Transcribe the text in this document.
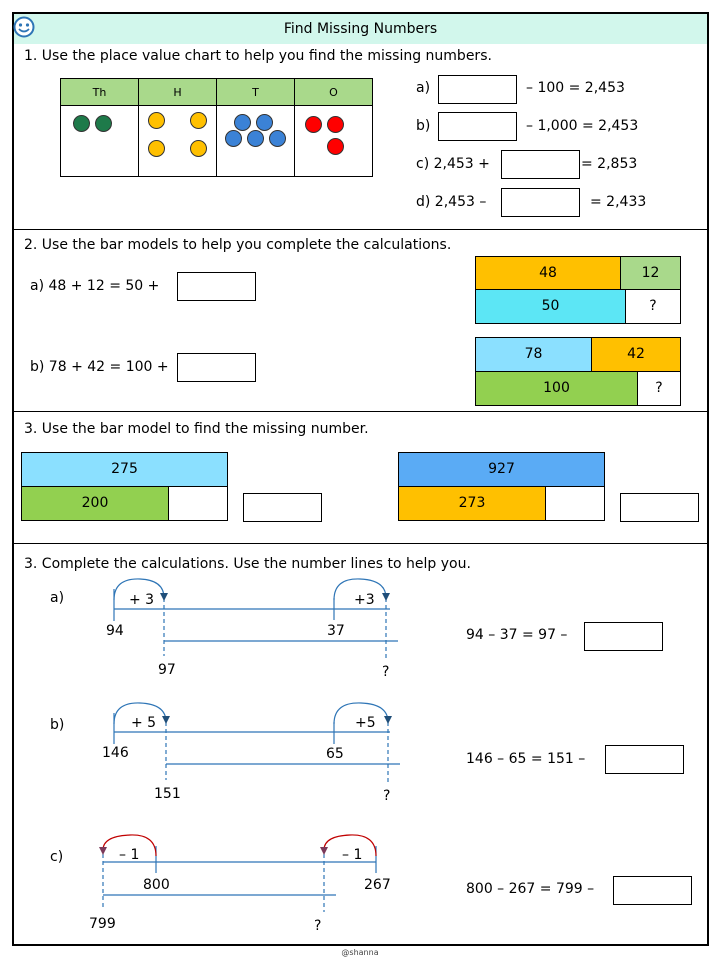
Find Missing Numbers
1. Use the place value chart to help you find the missing numbers.
Th	H	T	O

		a)	– 100 = 2,453
b)	– 1,000 = 2,453
c) 2,453 +	= 2,853
d) 2,453 –	= 2,433
2. Use the bar models to help you complete the calculations.
a) 48 + 12 = 50 +
48	12
50	?
b) 78 + 42 = 100 +
78	42
100	?
3. Use the bar model to find the missing number.
275
200
927
273
3. Complete the calculations. Use the number lines to help you.
a)	+ 3	+3
94	37
97	?
94 – 37 = 97 –
b)	+ 5	+5
146	65
151	?
146 – 65 = 151 –
c)	– 1	– 1
800	267
799	?
800 – 267 = 799 –
@shanna
